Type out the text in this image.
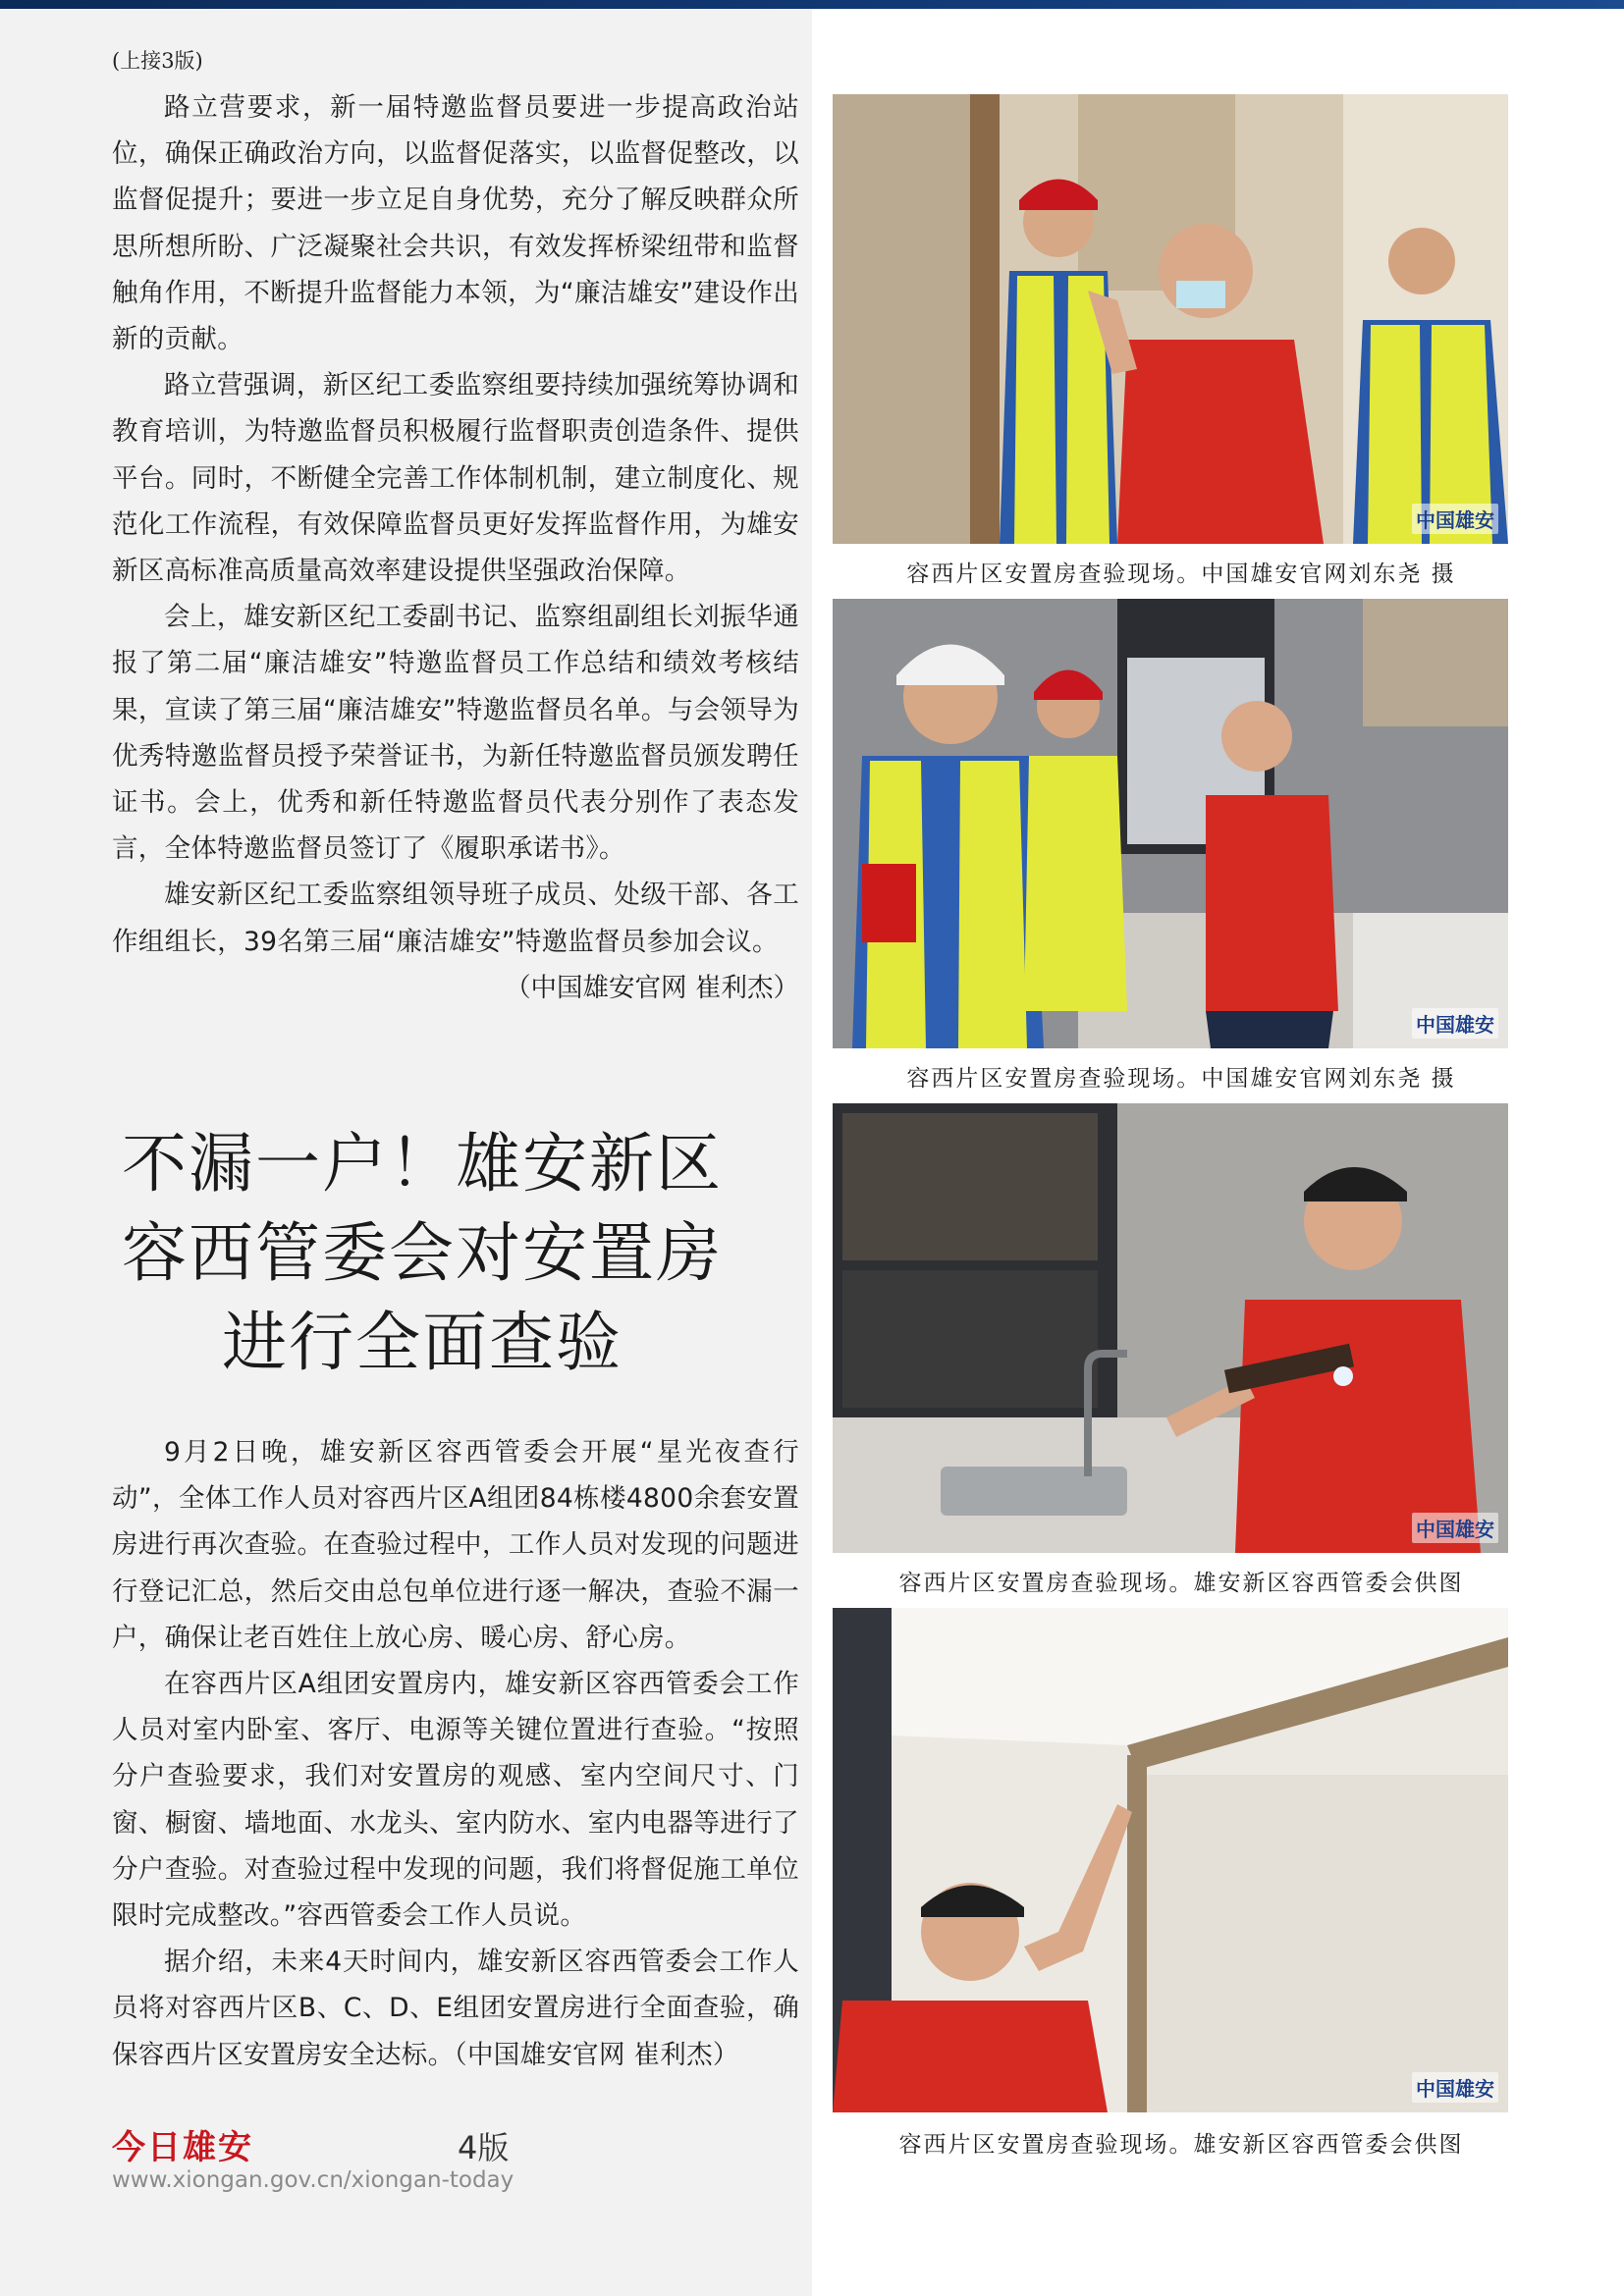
(上接3版)

路立营要求，新一届特邀监督员要进一步提高政治站位，确保正确政治方向，以监督促落实，以监督促整改，以监督促提升；要进一步立足自身优势，充分了解反映群众所思所想所盼、广泛凝聚社会共识，有效发挥桥梁纽带和监督触角作用，不断提升监督能力本领，为“廉洁雄安”建设作出新的贡献。

路立营强调，新区纪工委监察组要持续加强统筹协调和教育培训，为特邀监督员积极履行监督职责创造条件、提供平台。同时，不断健全完善工作体制机制，建立制度化、规范化工作流程，有效保障监督员更好发挥监督作用，为雄安新区高标准高质量高效率建设提供坚强政治保障。

会上，雄安新区纪工委副书记、监察组副组长刘振华通报了第二届“廉洁雄安”特邀监督员工作总结和绩效考核结果，宣读了第三届“廉洁雄安”特邀监督员名单。与会领导为优秀特邀监督员授予荣誉证书，为新任特邀监督员颁发聘任证书。会上，优秀和新任特邀监督员代表分别作了表态发言，全体特邀监督员签订了《履职承诺书》。

雄安新区纪工委监察组领导班子成员、处级干部、各工作组组长，39名第三届“廉洁雄安”特邀监督员参加会议。

（中国雄安官网 崔利杰）

不漏一户！雄安新区
容西管委会对安置房
进行全面查验

9月2日晚，雄安新区容西管委会开展“星光夜查行动”，全体工作人员对容西片区A组团84栋楼4800余套安置房进行再次查验。在查验过程中，工作人员对发现的问题进行登记汇总，然后交由总包单位进行逐一解决，查验不漏一户，确保让老百姓住上放心房、暖心房、舒心房。

在容西片区A组团安置房内，雄安新区容西管委会工作人员对室内卧室、客厅、电源等关键位置进行查验。“按照分户查验要求，我们对安置房的观感、室内空间尺寸、门窗、橱窗、墙地面、水龙头、室内防水、室内电器等进行了分户查验。对查验过程中发现的问题，我们将督促施工单位限时完成整改。”容西管委会工作人员说。

据介绍，未来4天时间内，雄安新区容西管委会工作人员将对容西片区B、C、D、E组团安置房进行全面查验，确保容西片区安置房安全达标。（中国雄安官网 崔利杰）

今日雄安	4版
www.xiongan.gov.cn/xiongan-today
中国雄安
容西片区安置房查验现场。中国雄安官网刘东尧 摄
中国雄安
容西片区安置房查验现场。中国雄安官网刘东尧 摄
中国雄安
容西片区安置房查验现场。雄安新区容西管委会供图
中国雄安
容西片区安置房查验现场。雄安新区容西管委会供图
